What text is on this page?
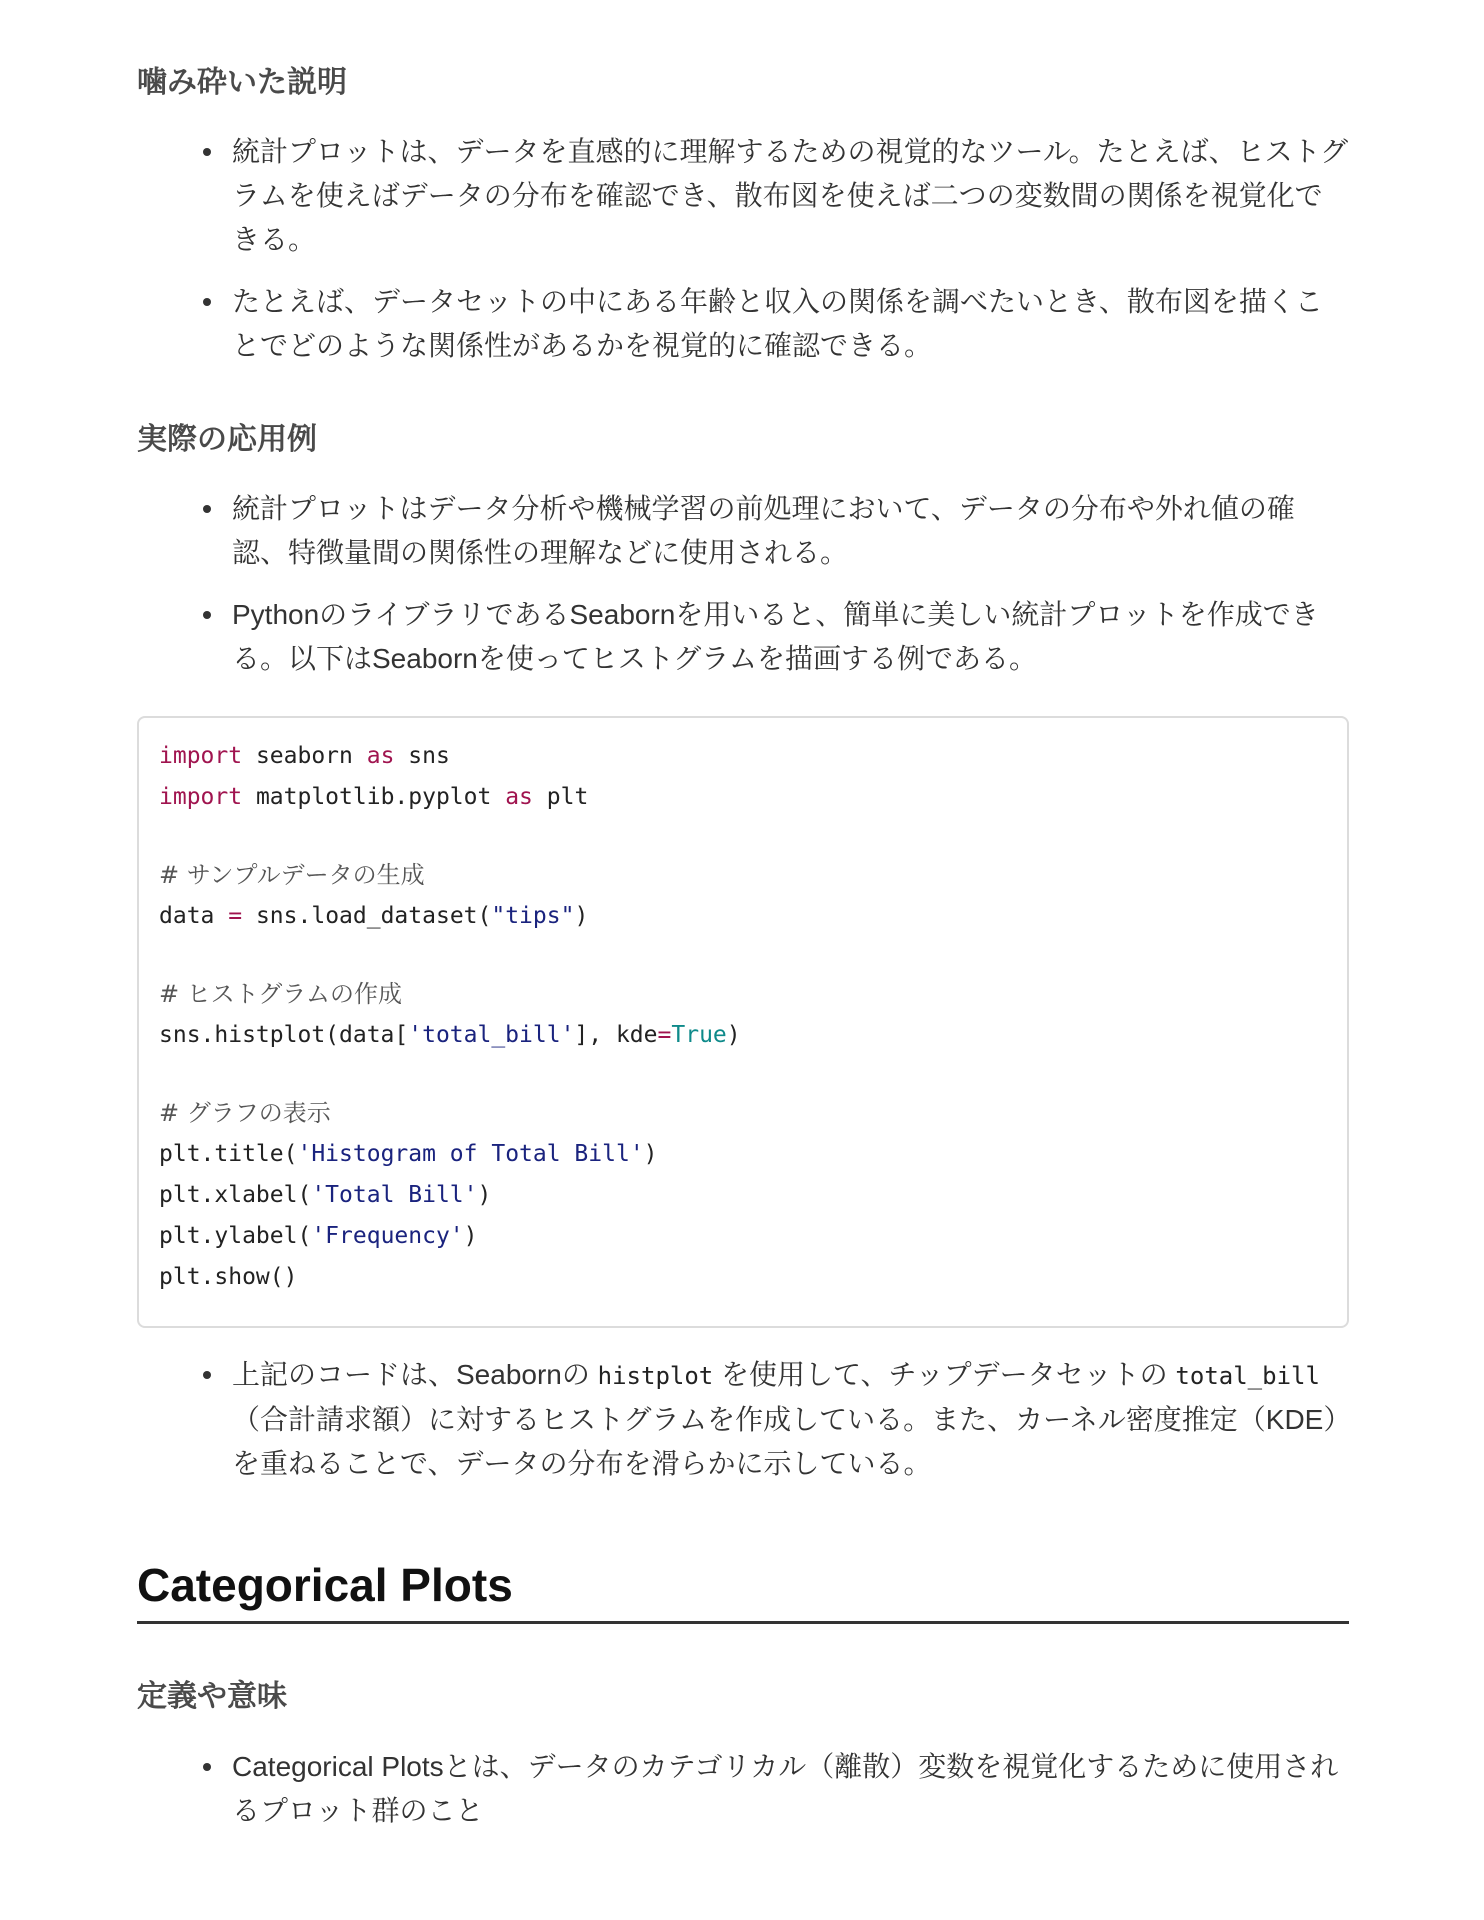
噛み砕いた説明
統計プロットは、データを直感的に理解するための視覚的なツール。たとえば、ヒストグラムを使えばデータの分布を確認でき、散布図を使えば二つの変数間の関係を視覚化できる。
たとえば、データセットの中にある年齢と収入の関係を調べたいとき、散布図を描くことでどのような関係性があるかを視覚的に確認できる。
実際の応用例
統計プロットはデータ分析や機械学習の前処理において、データの分布や外れ値の確認、特徴量間の関係性の理解などに使用される。
PythonのライブラリであるSeabornを用いると、簡単に美しい統計プロットを作成できる。以下はSeabornを使ってヒストグラムを描画する例である。
import seaborn as sns
import matplotlib.pyplot as plt

# サンプルデータの生成
data = sns.load_dataset("tips")

# ヒストグラムの作成
sns.histplot(data['total_bill'], kde=True)

# グラフの表示
plt.title('Histogram of Total Bill')
plt.xlabel('Total Bill')
plt.ylabel('Frequency')
plt.show()
上記のコードは、Seabornの histplot を使用して、チップデータセットの total_bill （合計請求額）に対するヒストグラムを作成している。また、カーネル密度推定（KDE）を重ねることで、データの分布を滑らかに示している。
Categorical Plots
定義や意味
Categorical Plotsとは、データのカテゴリカル（離散）変数を視覚化するために使用されるプロット群のこと
